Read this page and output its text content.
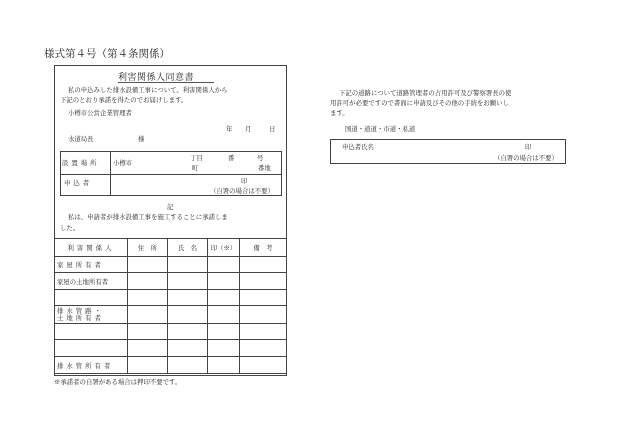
様式第４号（第４条関係）
利害関係人同意書
私の申込みした排水設備工事について、利害関係人から
下記のとおり承諾を得たのでお届けします。
小樽市公営企業管理者
年 月	日
水道局長	様
設置場所 小樽市
丁目	番	号
町	番地
申込者	印
（自署の場合は不要）
記
私は、申請者が排水設備工事を施工することに承諾しま
した。
利害関係人	住　所	氏　名	印（※）	備　考
家屋所有者				
家屋の土地所有者				

排水管路・
土地所有者				

排水管所有者				
※承諾者の自署がある場合は押印不要です。
下記の道路について道路管理者の占用許可及び警察署長の使
用許可が必要ですので書面に申請及びその他の手続をお願いし
ます。
国道・道道・市道・私道
申込者氏名	印
（自署の場合は不要）
